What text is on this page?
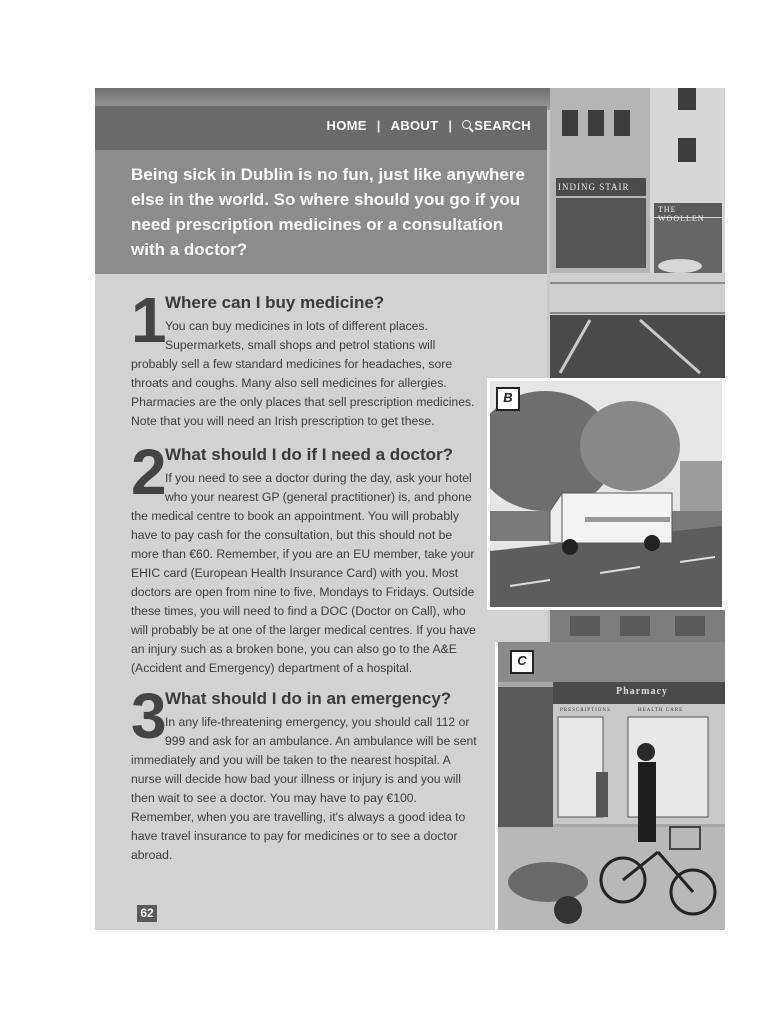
HOME | ABOUT |	SEARCH
Being sick in Dublin is no fun, just like anywhere else in the world. So where should you go if you need prescription medicines or a consultation with a doctor?
1
Where can I buy medicine?
You can buy medicines in lots of different places. Supermarkets, small shops and petrol stations will
probably sell a few standard medicines for headaches, sore throats and coughs. Many also sell medicines for allergies. Pharmacies are the only places that sell prescription medicines. Note that you will need an Irish prescription to get these.
2
What should I do if I need a doctor?
If you need to see a doctor during the day, ask your hotel who your nearest GP (general practitioner) is, and phone
the medical centre to book an appointment. You will probably have to pay cash for the consultation, but this should not be more than €60. Remember, if you are an EU member, take your EHIC card (European Health Insurance Card) with you. Most doctors are open from nine to five, Mondays to Fridays. Outside these times, you will need to find a DOC (Doctor on Call), who will probably be at one of the larger medical centres. If you have an injury such as a broken bone, you can also go to the A&E (Accident and Emergency) department of a hospital.
3
What should I do in an emergency?
In any life-threatening emergency, you should call 112 or 999 and ask for an ambulance. An ambulance will be sent
immediately and you will be taken to the nearest hospital. A nurse will decide how bad your illness or injury is and you will then wait to see a doctor. You may have to pay €100. Remember, when you are travelling, it's always a good idea to have travel insurance to pay for medicines or to see a doctor abroad.
62
INDING STAIR
THE WOOLLEN
B
C
Pharmacy
PRESCRIPTIONS	HEALTH CARE
